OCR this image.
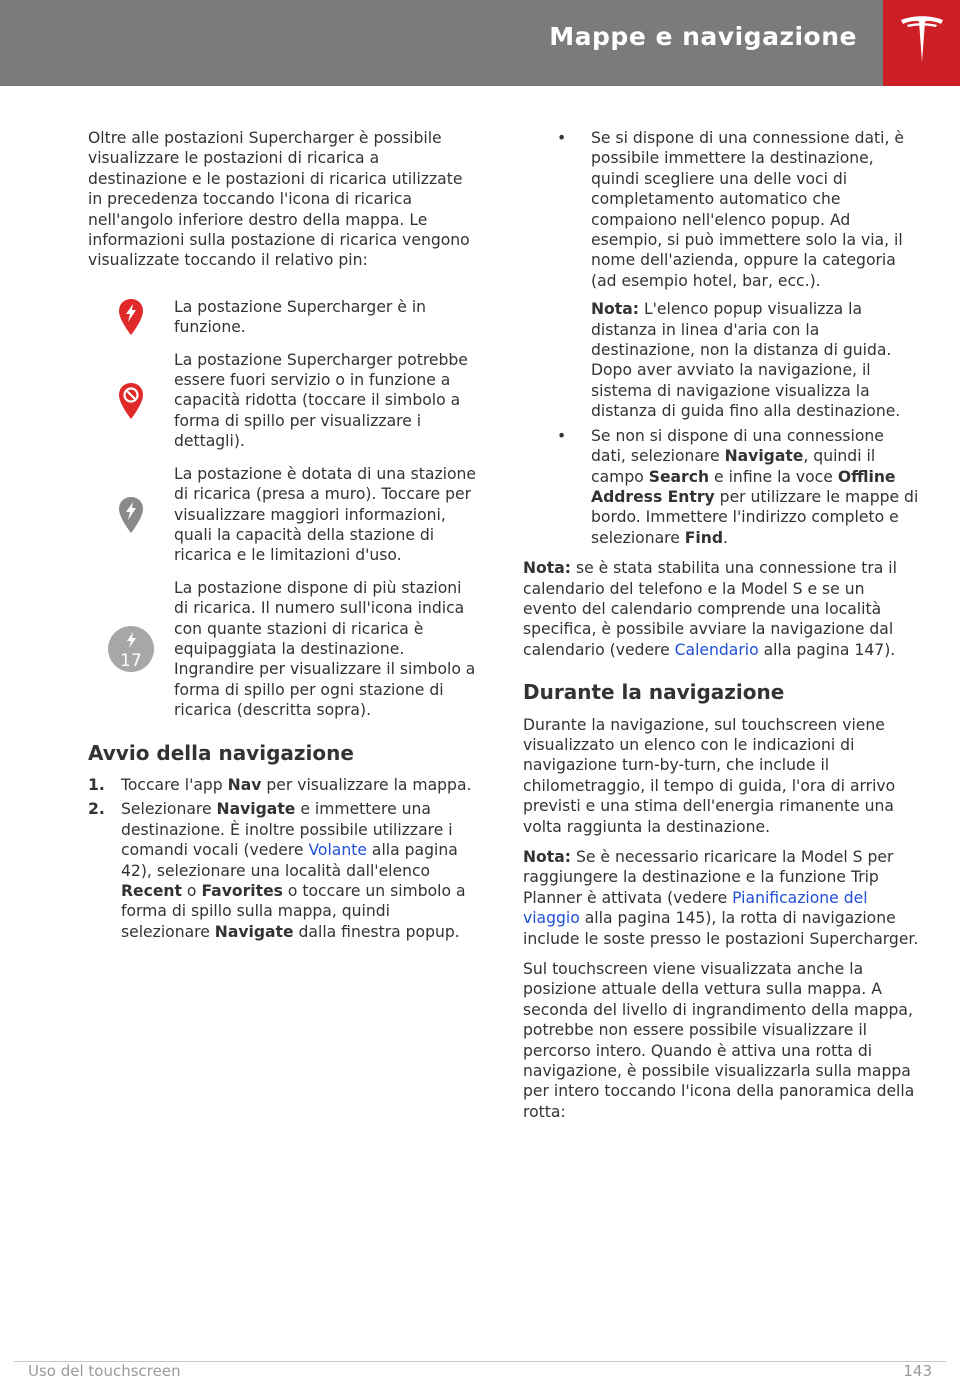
Mappe e navigazione

Oltre alle postazioni Supercharger è possibile visualizzare le postazioni di ricarica a destinazione e le postazioni di ricarica utilizzate in precedenza toccando l'icona di ricarica nell'angolo inferiore destro della mappa. Le informazioni sulla postazione di ricarica vengono visualizzate toccando il relativo pin:

La postazione Supercharger è in funzione.
La postazione Supercharger potrebbe essere fuori servizio o in funzione a capacità ridotta (toccare il simbolo a forma di spillo per visualizzare i dettagli).
La postazione è dotata di una stazione di ricarica (presa a muro). Toccare per visualizzare maggiori informazioni, quali la capacità della stazione di ricarica e le limitazioni d'uso.
17
La postazione dispone di più stazioni di ricarica. Il numero sull'icona indica con quante stazioni di ricarica è equipaggiata la destinazione. Ingrandire per visualizzare il simbolo a forma di spillo per ogni stazione di ricarica (descritta sopra).
Avvio della navigazione
1. Toccare l'app Nav per visualizzare la mappa.
2. Selezionare Navigate e immettere una destinazione. È inoltre possibile utilizzare i comandi vocali (vedere Volante alla pagina 42), selezionare una località dall'elenco Recent o Favorites o toccare un simbolo a forma di spillo sulla mappa, quindi selezionare Navigate dalla finestra popup.
• Se si dispone di una connessione dati, è possibile immettere la destinazione, quindi scegliere una delle voci di completamento automatico che compaiono nell'elenco popup. Ad esempio, si può immettere solo la via, il nome dell'azienda, oppure la categoria (ad esempio hotel, bar, ecc.).

Nota: L'elenco popup visualizza la distanza in linea d'aria con la destinazione, non la distanza di guida. Dopo aver avviato la navigazione, il sistema di navigazione visualizza la distanza di guida fino alla destinazione.

• Se non si dispone di una connessione dati, selezionare Navigate, quindi il campo Search e infine la voce Offline Address Entry per utilizzare le mappe di bordo. Immettere l'indirizzo completo e selezionare Find.

Nota: se è stata stabilita una connessione tra il calendario del telefono e la Model S e se un evento del calendario comprende una località specifica, è possibile avviare la navigazione dal calendario (vedere Calendario alla pagina 147).

Durante la navigazione

Durante la navigazione, sul touchscreen viene visualizzato un elenco con le indicazioni di navigazione turn-by-turn, che include il chilometraggio, il tempo di guida, l'ora di arrivo previsti e una stima dell'energia rimanente una volta raggiunta la destinazione.

Nota: Se è necessario ricaricare la Model S per raggiungere la destinazione e la funzione Trip Planner è attivata (vedere Pianificazione del viaggio alla pagina 145), la rotta di navigazione include le soste presso le postazioni Supercharger.

Sul touchscreen viene visualizzata anche la posizione attuale della vettura sulla mappa. A seconda del livello di ingrandimento della mappa, potrebbe non essere possibile visualizzare il percorso intero. Quando è attiva una rotta di navigazione, è possibile visualizzarla sulla mappa per intero toccando l'icona della panoramica della rotta:

Uso del touchscreen	143
